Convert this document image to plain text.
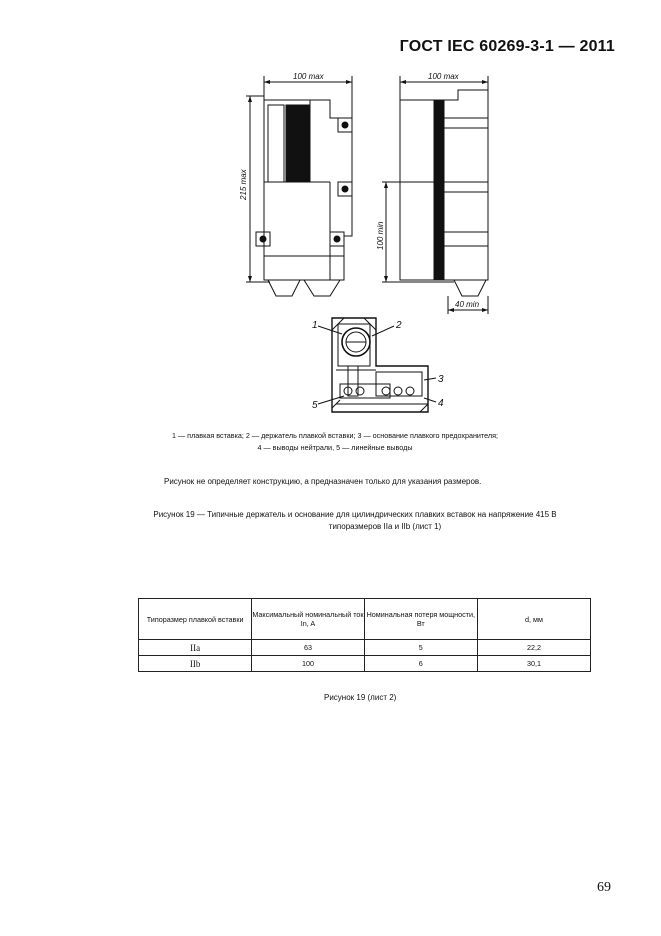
ГОСТ IEC 60269-3-1 — 2011
100 max	100 max
215 max
100 min
40 min
1	2
3
4
5
1 — плавкая вставка; 2 — держатель плавкой вставки; 3 — основание плавкого предохранителя;
4 — выводы нейтрали, 5 — линейные выводы
Рисунок не определяет конструкцию, а предназначен только для указания размеров.
Рисунок 19 — Типичные держатель и основание для цилиндрических плавких вставок на напряжение 415 В
типоразмеров IIa и IIb (лист 1)
Типоразмер плавкой вставки	Максимальный номинальный ток In, A	Номинальная потеря мощности, Вт	d, мм
IIa	63	5	22,2
IIb	100	6	30,1
Рисунок 19 (лист 2)
69
